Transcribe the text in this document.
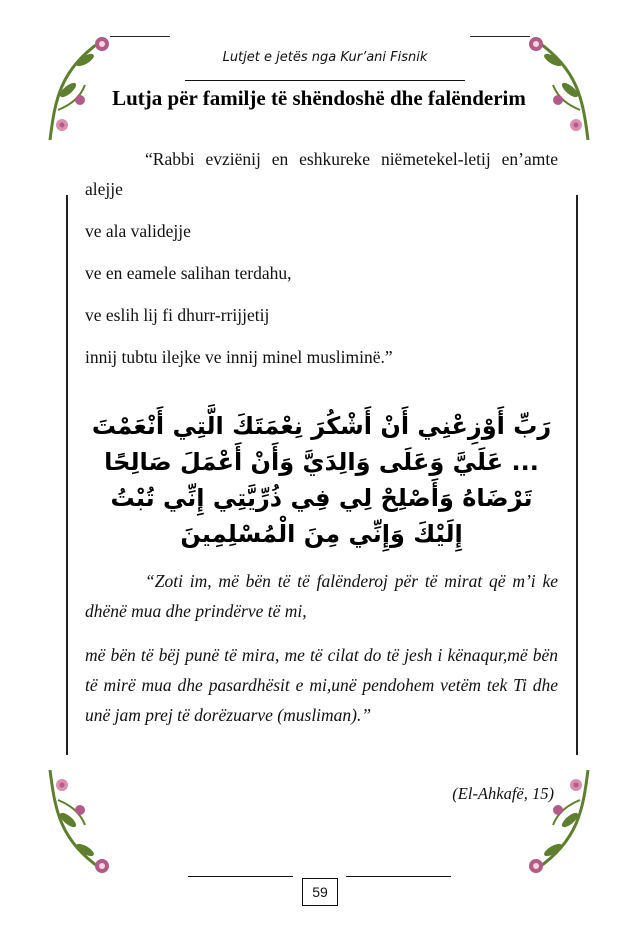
Lutjet e jetës nga Kur’ani Fisnik
Lutja për familje të shëndoshë dhe falënderim

“Rabbi evziënij en eshkureke niëmetekel-letij en’amte alejje

ve ala validejje

ve en eamele salihan terdahu,

ve eslih lij fi dhurr-rrijjetij

innij tubtu ilejke ve innij minel musliminë.”

رَبِّ أَوْزِعْنِي أَنْ أَشْكُرَ نِعْمَتَكَ الَّتِي أَنْعَمْتَ ... عَلَيَّ وَعَلَى وَالِدَيَّ وَأَنْ أَعْمَلَ صَالِحًا تَرْضَاهُ وَأَصْلِحْ لِي فِي ذُرِّيَّتِي إِنِّي تُبْتُ إِلَيْكَ وَإِنِّي مِنَ الْمُسْلِمِينَ

“Zoti im, më bën të të falënderoj për të mirat që m’i ke dhënë mua dhe prindërve të mi,

më bën të bëj punë të mira, me të cilat do të jesh i kënaqur,më bën të mirë mua dhe pasardhësit e mi,unë pendohem vetëm tek Ti dhe unë jam prej të dorëzuarve (musliman).”

(El-Ahkafë, 15)
59
